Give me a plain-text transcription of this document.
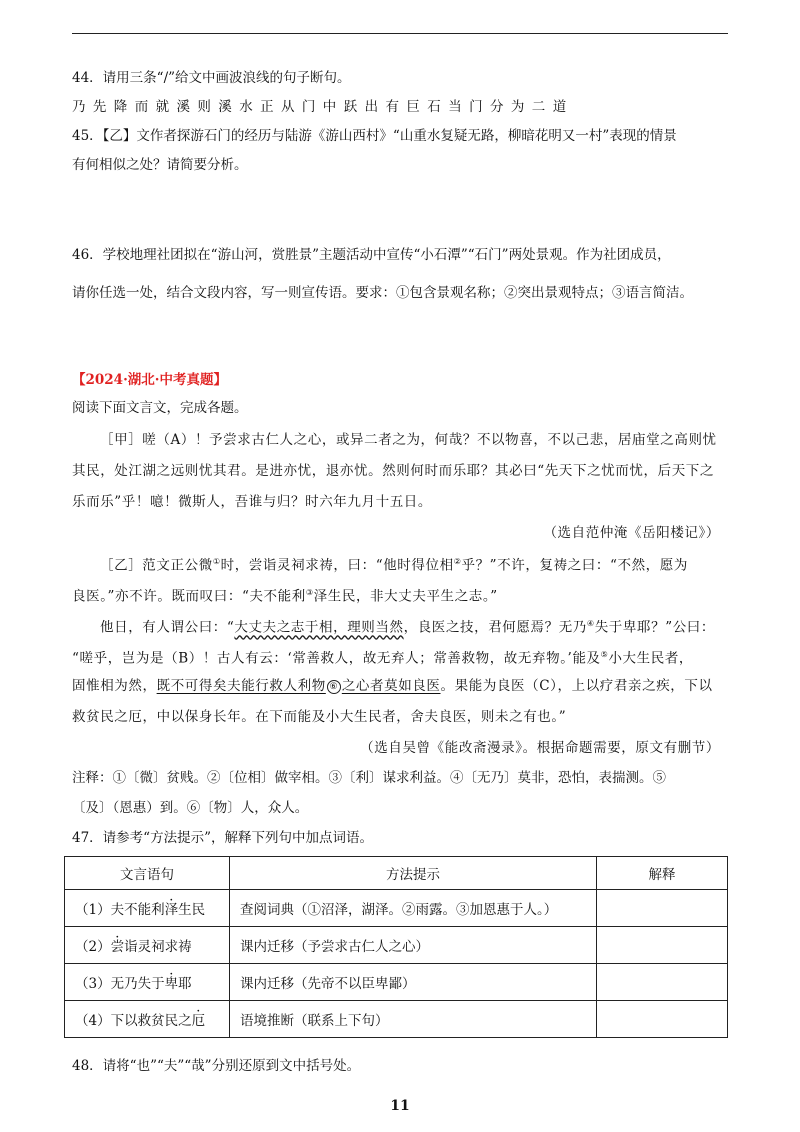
44．请用三条“/”给文中画波浪线的句子断句。
乃先降而就溪则溪水正从门中跃出有巨石当门分为二道
45．【乙】文作者探游石门的经历与陆游《游山西村》“山重水复疑无路，柳暗花明又一村”表现的情景
有何相似之处？请简要分析。
46．学校地理社团拟在“游山河，赏胜景”主题活动中宣传“小石潭”“石门”两处景观。作为社团成员，
请你任选一处，结合文段内容，写一则宣传语。要求：①包含景观名称；②突出景观特点；③语言简洁。
【2024·湖北·中考真题】
阅读下面文言文，完成各题。
［甲］嗟（A）！予尝求古仁人之心，或异二者之为，何哉？不以物喜，不以己悲，居庙堂之高则忧
其民，处江湖之远则忧其君。是进亦忧，退亦忧。然则何时而乐耶？其必曰“先天下之忧而忧，后天下之
乐而乐”乎！噫！微斯人，吾谁与归？时六年九月十五日。
（选自范仲淹《岳阳楼记》）
［乙］范文正公微①时，尝诣灵祠求祷，曰：“他时得位相②乎？”不许，复祷之曰：“不然，愿为
良医。”亦不许。既而叹曰：“夫不能利③泽生民，非大丈夫平生之志。”
他日，有人谓公曰：“大丈夫之志于相，理则当然，良医之技，君何愿焉？无乃④失于卑耶？”公曰：
“嗟乎，岂为是（B）！古人有云：‘常善救人，故无弃人；常善救物，故无弃物。’能及⑤小大生民者，
固惟相为然，既不可得矣夫能行救人利物 ⑥ 之心者莫如良医。果能为良医（C），上以疗君亲之疾，下以
救贫民之厄，中以保身长年。在下而能及小大生民者，舍夫良医，则未之有也。”
（选自吴曾《能改斋漫录》。根据命题需要，原文有删节）
注释：①〔微〕贫贱。②〔位相〕做宰相。③〔利〕谋求利益。④〔无乃〕莫非，恐怕，表揣测。⑤
〔及〕（恩惠）到。⑥〔物〕人，众人。
47．请参考“方法提示”，解释下列句中加点词语。
文言语句	方法提示	解释
（1）夫不能利泽生民	查阅词典（①沼泽，湖泽。②雨露。③加恩惠于人。）	
（2）尝诣灵祠求祷	课内迁移（予尝求古仁人之心）	
（3）无乃失于卑耶	课内迁移（先帝不以臣卑鄙）	
（4）下以救贫民之厄	语境推断（联系上下句）	
48．请将“也”“夫”“哉”分别还原到文中括号处。
11
